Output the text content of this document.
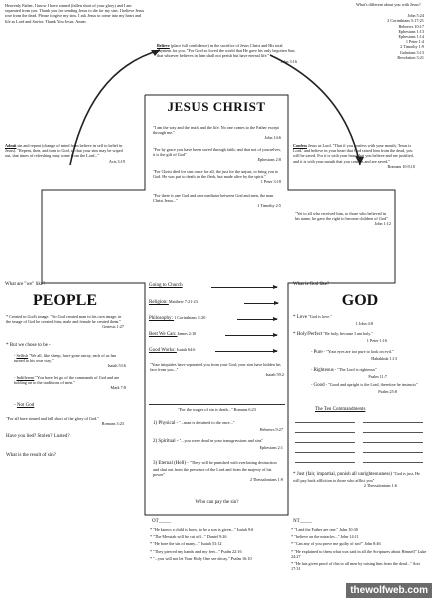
Heavenly Father, I know I have sinned (fallen short of your glory) and I am separated from you. Thank you for sending Jesus to die for my sins. I believe Jesus rose from the dead. Please forgive my sins. I ask Jesus to come into my heart and life as Lord and Savior. Thank You Jesus. Amen.
What's different about you with Jesus?
John 5:24
2 Corinthians 5:17-21
Hebrews 10:17
Ephesians 1:13
Ephesians 1:14
1 Peter 1:4
2 Timothy 1:9
Galatians 3:13
Revelation 3:21
Believe (place full confidence) in the sacrifice of Jesus Christ and His total payment for you. "For God so loved the world that He gave his only begotten Son, that whoever believes in him shall not perish but have eternal life."
John 3:16
Admit sin and repent (change of mind from believe in self to belief in Jesus). "Repent, then, and turn to God, so that your sins may be wiped out, that times of refreshing may come from the Lord..."
Acts 3:19
Confess Jesus as Lord. "That if you confess with your mouth, 'Jesus is Lord,' and believe in your heart that God raised him from the dead, you will be saved. For it is with your heart that you believe and are justified, and it is with your mouth that you confess and are saved."
Romans 10:9,10
JESUS CHRIST
"I am the way and the truth and the life. No one comes to the Father except through me."
John 14:6
"For by grace you have been saved through faith; and that not of yourselves, it is the gift of God"
Ephesians 2:8
"For Christ died for sins once for all, the just for the unjust, to bring you to God. He was put to death in the flesh, but made alive by the spirit."
1 Peter 3:18
"For there is one God and one mediator between God and men, the man Christ Jesus..."
1 Timothy 2:5
"Yet to all who received him, to those who believed in his name, he gave the right to become children of God"
John 1:12
What are "we" like?
PEOPLE
* Created in God's image. "So God created man in his own image, in the image of God he created him; male and female he created them."
Genesis 1:27
* But we chose to be -
- Selfish "We all, like sheep, have gone astray, each of us has turned to his own way."
Isaiah 53:6
- Indifferent "You have let go of the commands of God and are holding on to the traditions of men."
Mark 7:8
- Not God
"For all have sinned and fall short of the glory of God."
Romans 3:23
Have you lied? Stolen? Lusted?
What is the result of sin?
Going to Church
Religion: Matthew 7:21-23
Philosophy: 1 Corinthians 1:20
Best We Can: James 2:10
Good Works: Isaiah 64:6
"Your iniquities have separated you from your God; your sins have hidden his face from you..."
Isaiah 59:2
"For the wages of sin is death..." Romans 6:23
1) Physical - "...man is destined to die once..."
Hebrews 9:27
2) Spiritual - "...you were dead in your transgressions and sins"
Ephesians 2:1
3) Eternal (Hell) - "They will be punished with everlasting destruction and shut out from the presence of the Lord and from the majesty of his power"
2 Thessalonians 1:9
Who can pay the sin?
What is God like?
GOD
* Love "God is love."
1 John 4:8
* Holy/Perfect "Be holy, because I am holy."
1 Peter 1:16
- Pure - "Your eyes are too pure to look on evil."
Habakkuk 1:13
- Righteous - "The Lord is righteous"
Psalm 11:7
- Good - "Good and upright is the Lord, therefore he instructs"
Psalm 25:8
The Ten Commandments
* Just (fair, impartial, punish all unrighteousness) "God is just, He will pay back affliction to those who afflict you"
2 Thessalonians 1:6
OT_____
* "He knows a child is born, to be a son is given..." Isaiah 9:6
* "The Messiah will be cut off..." Daniel 9:26
* "He bore the sin of many..." Isaiah 53:12
* "They pierced my hands and my feet..." Psalm 22:16
* "...you will not let Your Holy One see decay." Psalm 16:10
NT_____
* "I and the Father are one." John 10:30
* "believe on the miracles..." John 14:11
* "Can any of you prove me guilty of sin?" John 8:46
* "He explained to them what was said in all the Scriptures about Himself" Luke 24:27
* "He has given proof of this to all men by raising him from the dead..." Acts 17:31
thewolfweb.com
